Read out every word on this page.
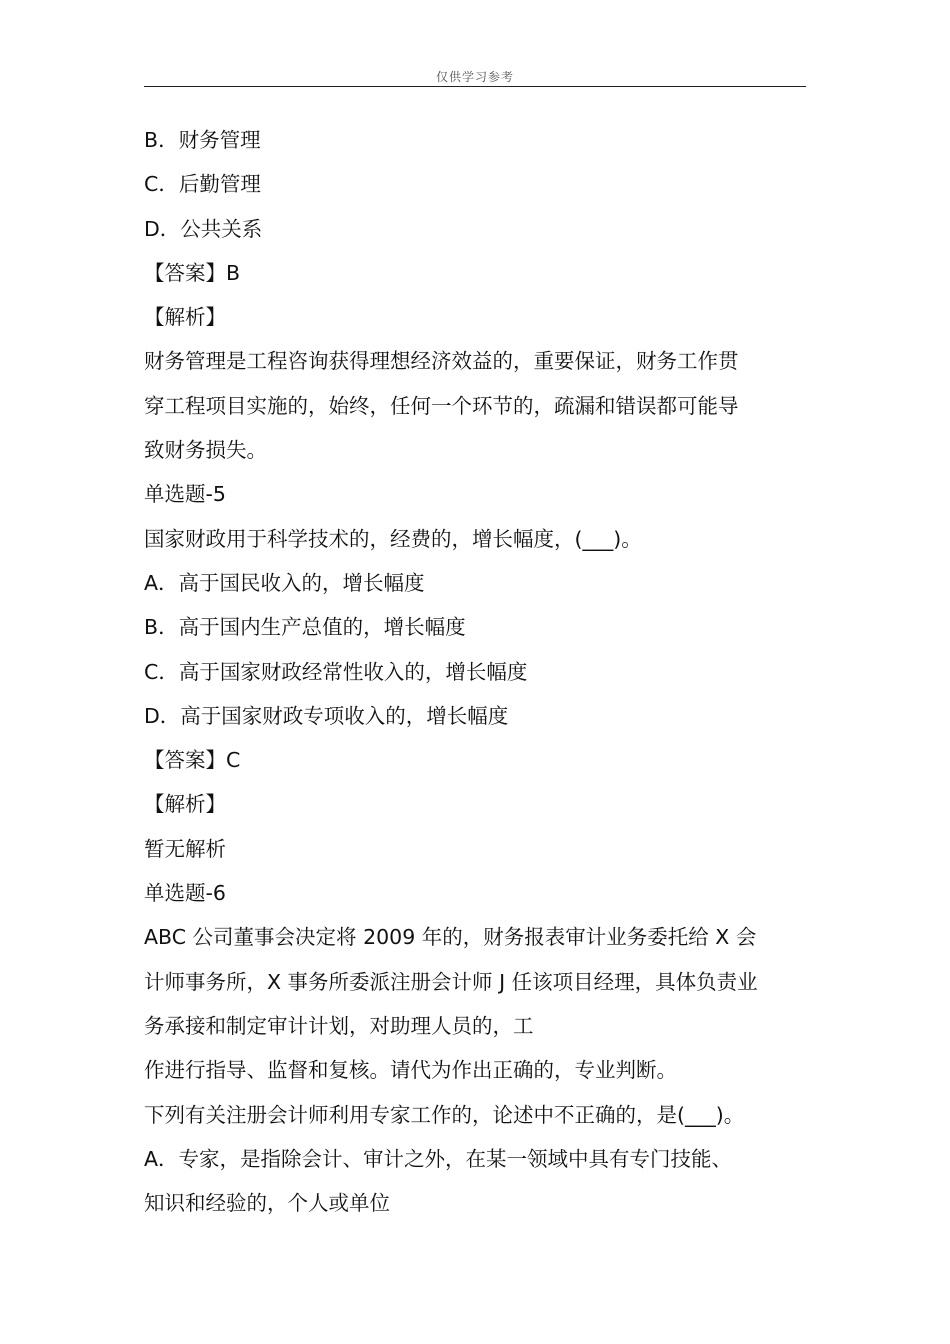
仅供学习参考
B．财务管理
C．后勤管理
D．公共关系
【答案】B
【解析】
财务管理是工程咨询获得理想经济效益的，重要保证，财务工作贯
穿工程项目实施的，始终，任何一个环节的，疏漏和错误都可能导
致财务损失。
单选题-5
国家财政用于科学技术的，经费的，增长幅度，(___)。
A．高于国民收入的，增长幅度
B．高于国内生产总值的，增长幅度
C．高于国家财政经常性收入的，增长幅度
D．高于国家财政专项收入的，增长幅度
【答案】C
【解析】
暂无解析
单选题-6
ABC 公司董事会决定将 2009 年的，财务报表审计业务委托给 X 会
计师事务所，X 事务所委派注册会计师 J 任该项目经理，具体负责业
务承接和制定审计计划，对助理人员的，工
作进行指导、监督和复核。请代为作出正确的，专业判断。
下列有关注册会计师利用专家工作的，论述中不正确的，是(___)。
A．专家，是指除会计、审计之外，在某一领域中具有专门技能、
知识和经验的，个人或单位
